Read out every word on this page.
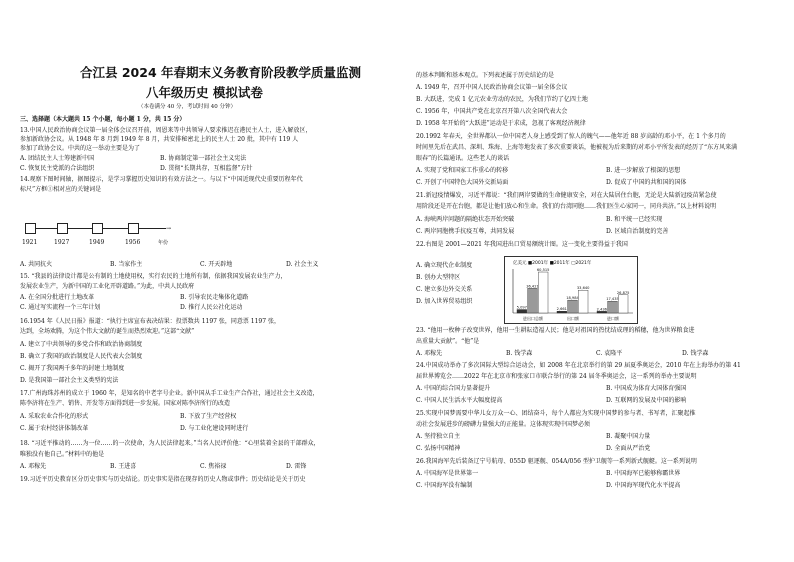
合江县 2024 年春期末义务教育阶段教学质量监测
八年级历史 模拟试卷
（本卷满分 40 分，考试时间 40 分钟）
三、选择题（本大题共 15 个小题，每小题 1 分，共 15 分）
13.中国人民政治协商会议第一届全体会议召开前，周恩来等中共领导人要求推迟在港民主人士，进入解放区，
参加新政协会议。从 1948 年 8 月到 1949 年 8 月，共安排秘密北上的民主人士 20 批，其中有 119 人
参加了政协会议。中共的这一举动主要是为了
A. 团结民主人士筹建新中国	B. 协商制定第一部社会主义宪法
C. 恢复民主党派的合法组织	D. 贯彻“长期共存，互相监督”方针
14.观察下图时间轴，据图提示，是学习掌握历史知识的有效方法之一。与以下“中国近现代史重要历程年代
标尺”方框①相对应的关键词是
→
1921	1927	1949	1956	年份
A. 共同抗火	B. 当家作主	C. 开天辟地	D. 社会主义
15. “我县的法律设计都是公有制的土地使用权，实行农民的土地所有制，依据我国发展农业生产力，
发展农业生产，为新中国的工业化开辟道路。”为此，中共人民政府
A. 在全国分批进行土地改革	B. 引导农民走集体化道路
C. 通过写实流程一个三年计划	D. 推行人民公社化运动
16.1954 年《人民日报》报道：“执行主席宣布表决结果：投票数共 1197 张，同意票 1197 张，
达到，全场欢腾，为这个伟大文献的诞生而热烈欢迎。”这部“文献”
A. 建立了中共领导的多党合作和政治协商制度
B. 确立了我国的政治制度是人民代表大会制度
C. 揭开了我国两千多年的封建土地制度
D. 是我国第一部社会主义类型的宪法
17.广州海珠苏州的成立于 1960 年，是知名的中老字号企业。新中国从手工业生产合作社，通过社会主义改造，
陈李济将在生产、销售、开发等方面得到进一步发展。国家对陈李济所行的改造
A. 采取农业合作化的形式	B. 下放了生产经营权
C. 属于农村经济体制改革	D. 与工业化建设同时进行
18. “习近平推动的……为一位……的一次使命，为人民法律起来。”当名人民评价他：“心里装着全县的干部群众，
唯独没有他自己。”材料中的他是
A. 邓稼先	B. 王进喜	C. 焦裕禄	D. 雷锋
19.习近平历史教育区分历史事实与历史结论。历史事实是指在现存的历史人物或事件；历史结论是关于历史
的基本判断和基本观点。下列表述属于历史结论的是
A. 1949 年，召开中国人民政治协商会议第一届全体会议
B. 大跃进，完成 1 亿元农业劳动的农民，为我们节约了亿四土地
C. 1956 年，中国共产党在北京召开第八次全国代表大会
D. 1958 年开始的“大跃进”运动是于求成，忽视了客观经济规律
20.1992 年春天，全世界都认一位中国老人身上感受到了惊人的魄气——他年近 88 岁高龄的邓小平，在 1 个多月的
时间里先后在武昌、深圳、珠海、上海等地发表了多次重要谈话，他被视为后来期的对邓小平所发表的经历了“东方风来满
眼春”的长篇通讯。这些老人的谈话
A. 实现了党和国家工作重心的转移	B. 进一步解放了根深的思想
C. 开创了中国特色大国外交新局面	D. 促成了中国的共和国的国体
21.新冠疫情爆发，习近平都说：“我们两岸要做的生命健康安全，对在大陆居住台胞，无论是大陆新冠疫苗紧急使
用阶段还是开在台胞，都是让他们放心和生命。我们的台湾同胞……我们医生心家同一，同舟共济。”以上材料说明
A. 海峡两岸问题的隔绝状态开始突破	B. 和平统一已经实现
C. 两岸同胞携手抗疫互尊，共同发展	D. 区域自治制度的完善
22.右图是 2001—2021 年我国进出口贸易额统计图。这一变化主要得益于我国
A. 确立现代企业制度
B. 创办大型特区
C. 建立多边外交关系
D. 加入世界贸易组织
亿美元 ■2001年 ■2011年 □2021年
5,097
36,421
60,515
进出口总额
2,661
18,984
33,640
出口额
2,436
17,435
26,875
进口额
23. “他用一枚种子改变世界，他用一生耕耘造福人民；他是对祖国的热忱结成理的稻穗，他为世界粮食进
出重量大贡献”。“他”是
A. 邓稼先	B. 钱学森	C. 袁隆平	D. 钱学森
24.中国成功举办了多次国际大型综合运动会，如 2008 年在北京举行的第 29 届夏季奥运会，2010 年在上海举办的第 41
届世界博览会……2022 年在北京市和张家口市联合举行的第 24 届冬季奥运会，这一系列的举办主要说明
A. 中国的综合国力显著提升	B. 中国成为体育大国体育强国
C. 中国人民生活水平大幅度提高	D. 互联网的发展及中国的影响
25.实现中国梦需要中华儿女万众一心、团结奋斗，每个人都应为实现中国梦的参与者、书写者，汇聚起推
动社会发展进步的磅礴力量强大的正能量。这体现实现中国梦必须
A. 坚持独立自主	B. 凝聚中国力量
C. 弘扬中国精神	D. 全面从严治党
26.我国海军先后装备辽宁号航母、055D 驱逐舰、054A/056 型护卫舰等一系列新式舰艇。这一系列说明
A. 中国海军是世界第一	B. 中国海军已能够称霸世界
C. 中国海军没有编制	D. 中国海军现代化水平提高
